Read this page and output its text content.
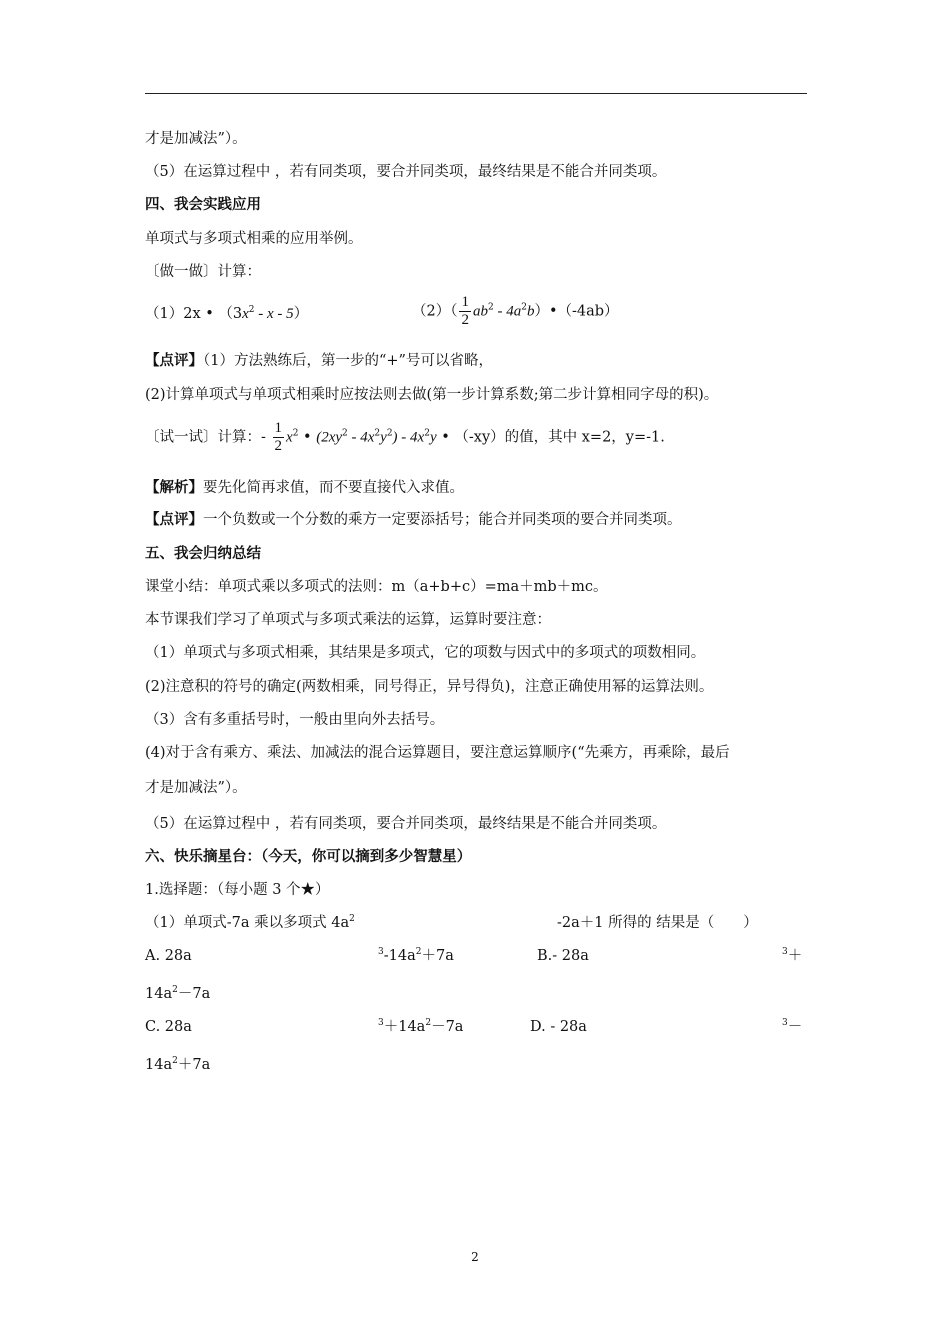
才是加减法”）。
（5）在运算过程中 ，若有同类项，要合并同类项，最终结果是不能合并同类项。
四、我会实践应用
单项式与多项式相乘的应用举例。
〔做一做〕计算：
（1）2x • （$3x^2$ - x - 5）	$(2)( \frac{1}{2} ab^2$ - $4a^2b)•(-4ab)$
【点评】（1）方法熟练后，第一步的“+”号可以省略，
(2)计算单项式与单项式相乘时应按法则去做(第一步计算系数;第二步计算相同字母的积)。
〔试一试〕计算：- $\frac{1}{2} x^2$ • $(2xy^2 - 4x^2y^2) - 4x^2y$ • （-xy）的值，其中 x=2，y=-1.
【解析】要先化简再求值，而不要直接代入求值。
【点评】一个负数或一个分数的乘方一定要添括号；能合并同类项的要合并同类项。
五、我会归纳总结
课堂小结：单项式乘以多项式的法则：m（a+b+c）=ma＋mb＋mc。
本节课我们学习了单项式与多项式乘法的运算，运算时要注意：
（1）单项式与多项式相乘，其结果是多项式，它的项数与因式中的多项式的项数相同。
(2)注意积的符号的确定(两数相乘，同号得正，异号得负)，注意正确使用幂的运算法则。
（3）含有多重括号时，一般由里向外去括号。
(4)对于含有乘方、乘法、加减法的混合运算题目，要注意运算顺序(“先乘方，再乘除，最后
才是加减法”）。
（5）在运算过程中 ，若有同类项，要合并同类项，最终结果是不能合并同类项。
六、快乐摘星台：（今天，你可以摘到多少智慧星）
1.选择题：（每小题 3 个★）
（1）单项式-7a 乘以多项式 $4a^2$	-2a＋1 所得的 结果是（　　）
A. 28a	$^3-14a^2+7a$	B.- 28a	$^3$＋
$14a^2-7a$
C. 28a	$^3+14a^2-7a$	D. - 28a	$^3$－
$14a^2+7a$
2
